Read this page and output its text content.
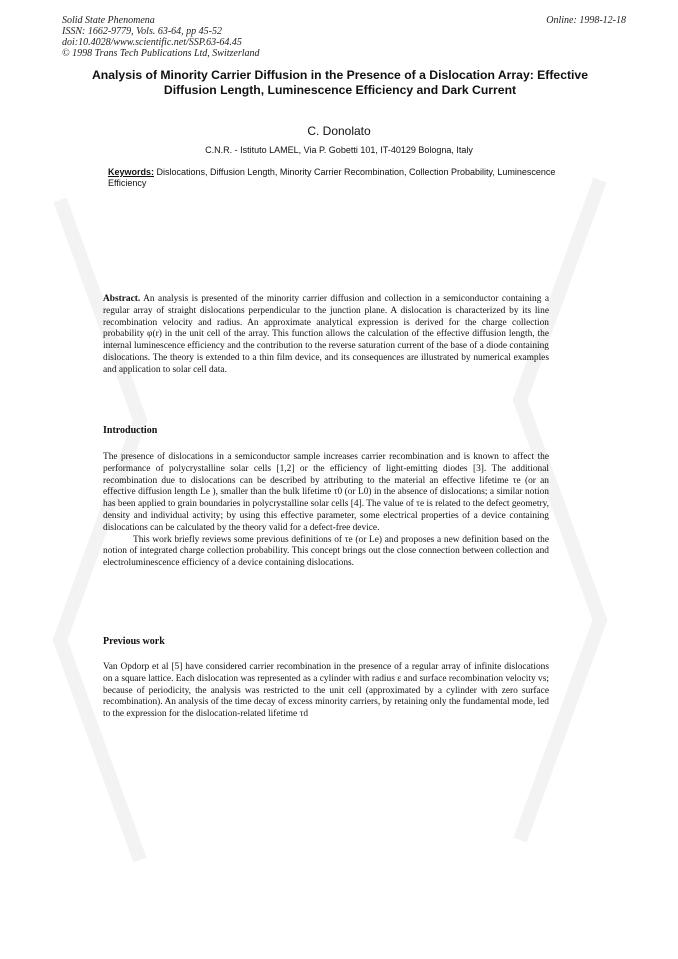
Solid State Phenomena
ISSN: 1662-9779, Vols. 63-64, pp 45-52
doi:10.4028/www.scientific.net/SSP.63-64.45
© 1998 Trans Tech Publications Ltd, Switzerland
Online: 1998-12-18
Analysis of Minority Carrier Diffusion in the Presence of a Dislocation Array: Effective Diffusion Length, Luminescence Efficiency and Dark Current
C. Donolato
C.N.R. - Istituto LAMEL, Via P. Gobetti 101, IT-40129 Bologna, Italy
Keywords: Dislocations, Diffusion Length, Minority Carrier Recombination, Collection Probability, Luminescence Efficiency
Abstract. An analysis is presented of the minority carrier diffusion and collection in a semiconductor containing a regular array of straight dislocations perpendicular to the junction plane. A dislocation is characterized by its line recombination velocity and radius. An approximate analytical expression is derived for the charge collection probability φ(r) in the unit cell of the array. This function allows the calculation of the effective diffusion length, the internal luminescence efficiency and the contribution to the reverse saturation current of the base of a diode containing dislocations. The theory is extended to a thin film device, and its consequences are illustrated by numerical examples and application to solar cell data.
Introduction

The presence of dislocations in a semiconductor sample increases carrier recombination and is known to affect the performance of polycrystalline solar cells [1,2] or the efficiency of light-emitting diodes [3]. The additional recombination due to dislocations can be described by attributing to the material an effective lifetime τe (or an effective diffusion length Le ), smaller than the bulk lifetime τ0 (or L0) in the absence of dislocations; a similar notion has been applied to grain boundaries in polycrystalline solar cells [4]. The value of τe is related to the defect geometry, density and individual activity; by using this effective parameter, some electrical properties of a device containing dislocations can be calculated by the theory valid for a defect-free device.

This work briefly reviews some previous definitions of τe (or Le) and proposes a new definition based on the notion of integrated charge collection probability. This concept brings out the close connection between collection and electroluminescence efficiency of a device containing dislocations.

Previous work

Van Opdorp et al [5] have considered carrier recombination in the presence of a regular array of infinite dislocations on a square lattice. Each dislocation was represented as a cylinder with radius ε and surface recombination velocity vs; because of periodicity, the analysis was restricted to the unit cell (approximated by a cylinder with zero surface recombination). An analysis of the time decay of excess minority carriers, by retaining only the fundamental mode, led to the expression for the dislocation-related lifetime τd
